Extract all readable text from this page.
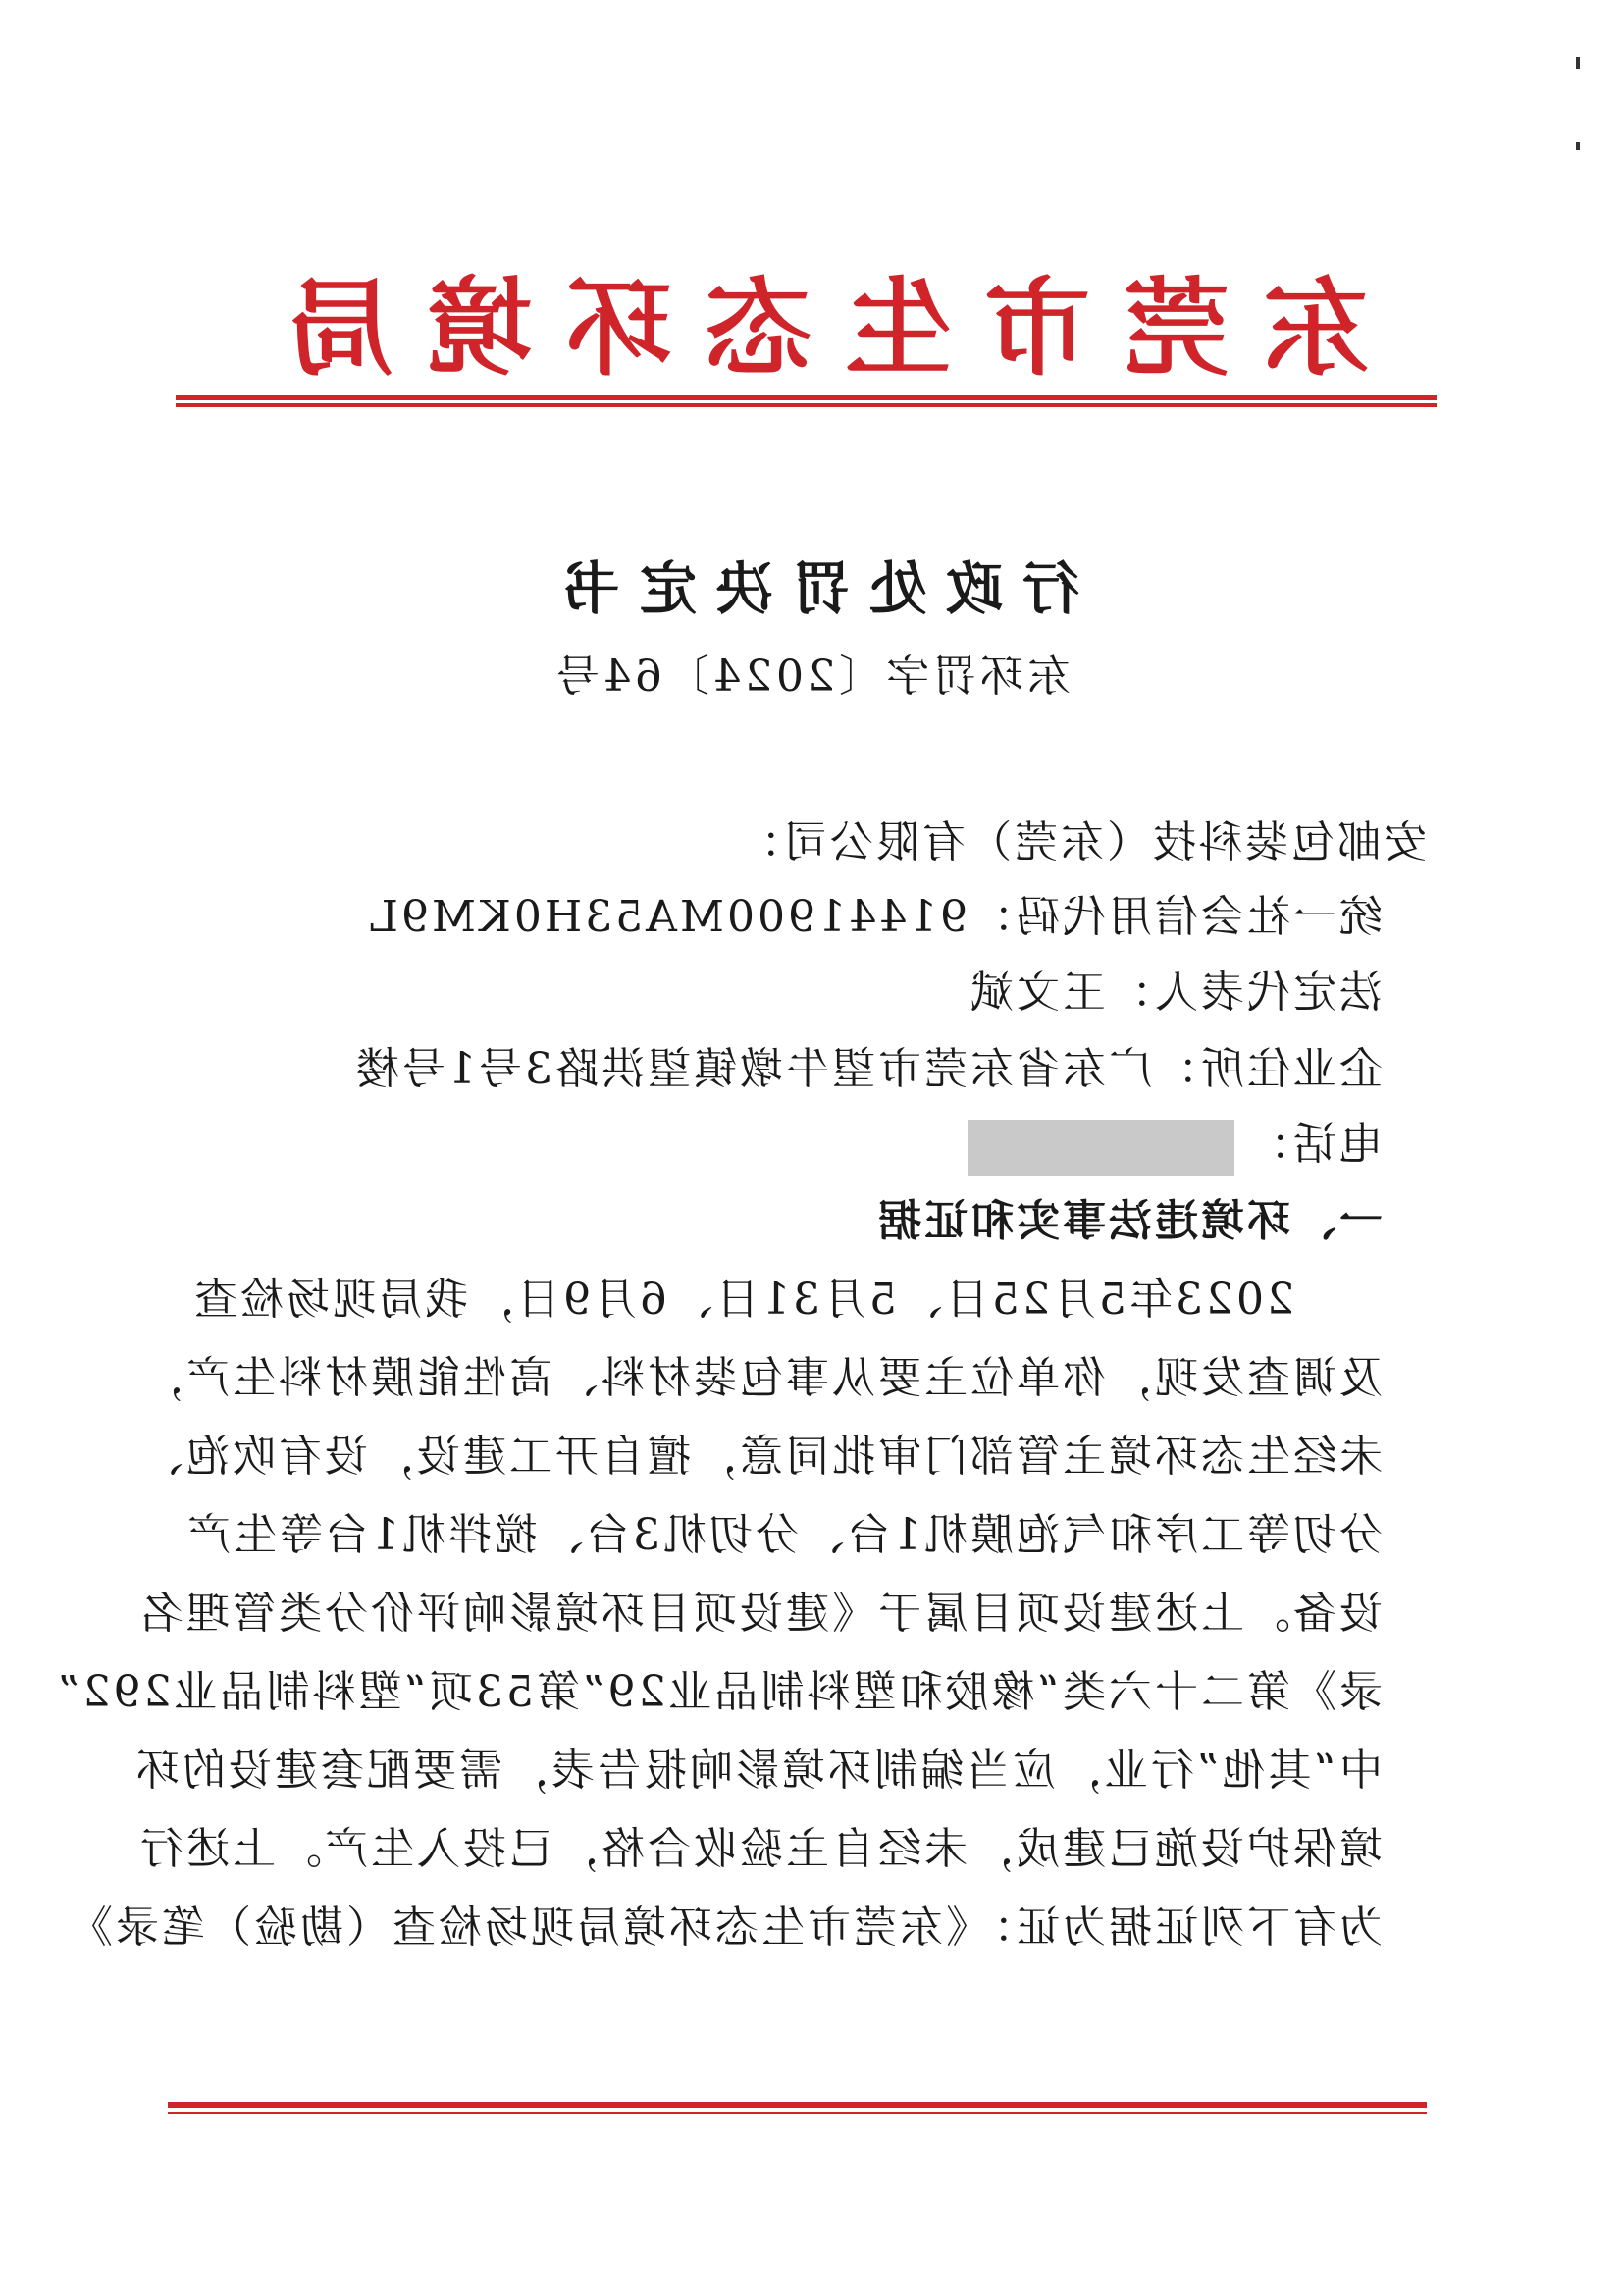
东莞市生态环境局
行政处罚决定书
东环罚字〔2024〕64号
安邮包装科技（东莞）有限公司：
统一社会信用代码：91441900MA53H0KM9L
法定代表人：王文斌
企业住所：广东省东莞市望牛墩镇望洪路3号1号楼
电话：
一、环境违法事实和证据
2023年5月25日、5月31日、6月9日，我局现场检查
及调查发现，你单位主要从事包装材料、高性能膜材料生产，
未经生态环境主管部门审批同意，擅自开工建设，设有吹泡、
分切等工序和气泡膜机1台、分切机3台、搅拌机1台等生产
设备。上述建设项目属于《建设项目环境影响评价分类管理名
录》第二十六类“橡胶和塑料制品业29”第53项“塑料制品业292”
中“其他”行业，应当编制环境影响报告表，需要配套建设的环
境保护设施已建成，未经自主验收合格，已投入生产。上述行
为有下列证据为证：《东莞市生态环境局现场检查（勘验）笔录》
